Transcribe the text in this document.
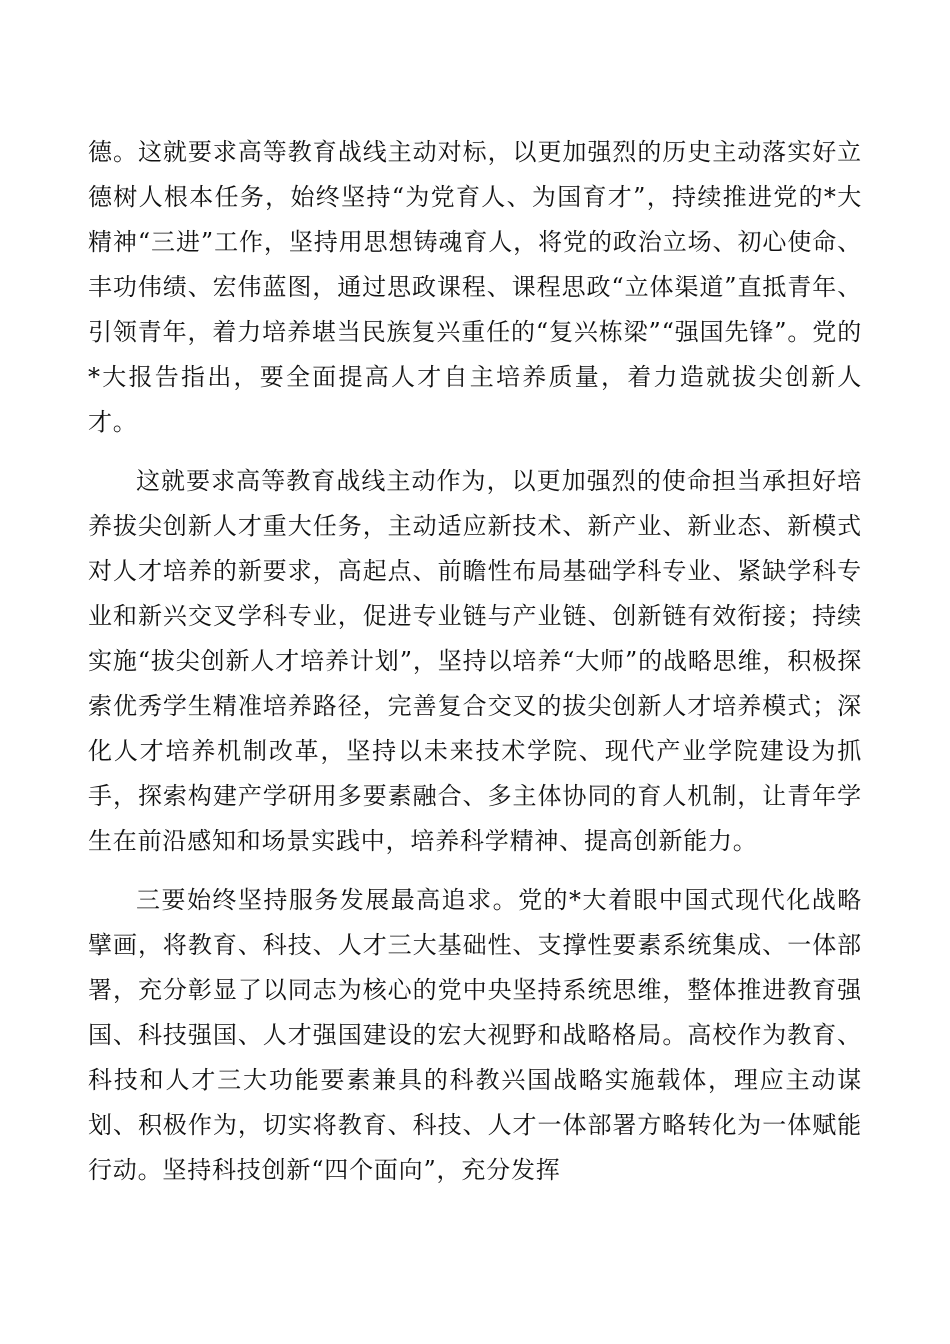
德。这就要求高等教育战线主动对标，以更加强烈的历史主动落实好立德树人根本任务，始终坚持“为党育人、为国育才”，持续推进党的*大精神“三进”工作，坚持用思想铸魂育人，将党的政治立场、初心使命、丰功伟绩、宏伟蓝图，通过思政课程、课程思政“立体渠道”直抵青年、引领青年，着力培养堪当民族复兴重任的“复兴栋梁”“强国先锋”。党的*大报告指出，要全面提高人才自主培养质量，着力造就拔尖创新人才。

这就要求高等教育战线主动作为，以更加强烈的使命担当承担好培养拔尖创新人才重大任务，主动适应新技术、新产业、新业态、新模式对人才培养的新要求，高起点、前瞻性布局基础学科专业、紧缺学科专业和新兴交叉学科专业，促进专业链与产业链、创新链有效衔接；持续实施“拔尖创新人才培养计划”，坚持以培养“大师”的战略思维，积极探索优秀学生精准培养路径，完善复合交叉的拔尖创新人才培养模式；深化人才培养机制改革，坚持以未来技术学院、现代产业学院建设为抓手，探索构建产学研用多要素融合、多主体协同的育人机制，让青年学生在前沿感知和场景实践中，培养科学精神、提高创新能力。

三要始终坚持服务发展最高追求。党的*大着眼中国式现代化战略擘画，将教育、科技、人才三大基础性、支撑性要素系统集成、一体部署，充分彰显了以同志为核心的党中央坚持系统思维，整体推进教育强国、科技强国、人才强国建设的宏大视野和战略格局。高校作为教育、科技和人才三大功能要素兼具的科教兴国战略实施载体，理应主动谋划、积极作为，切实将教育、科技、人才一体部署方略转化为一体赋能行动。坚持科技创新“四个面向”，充分发挥
